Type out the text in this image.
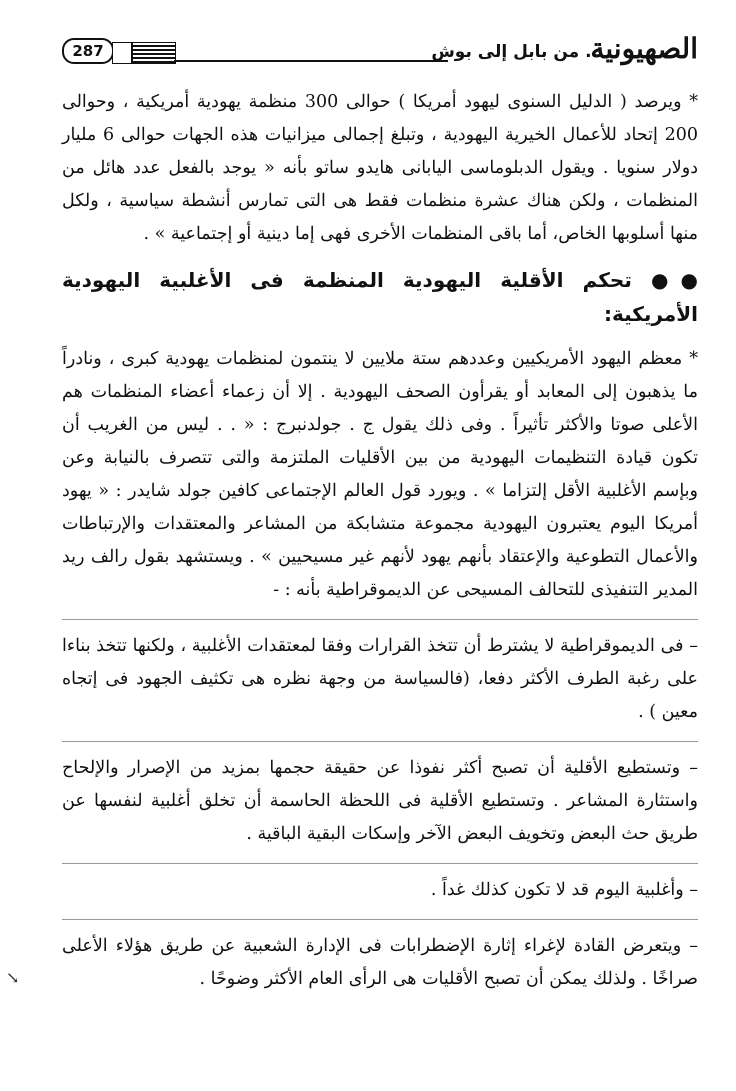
287	.. من بابل إلى بوش
الصهيونية

* ويرصد ( الدليل السنوى ليهود أمريكا ) حوالى 300 منظمة يهودية أمريكية ، وحوالى 200 إتحاد للأعمال الخيرية اليهودية ، وتبلغ إجمالى ميزانيات هذه الجهات حوالى 6 مليار دولار سنويا . ويقول الدبلوماسى اليابانى هايدو ساتو بأنه « يوجد بالفعل عدد هائل من المنظمات ، ولكن هناك عشرة منظمات فقط هى التى تمارس أنشطة سياسية ، ولكل منها أسلوبها الخاص، أما باقى المنظمات الأخرى فهى إما دينية أو إجتماعية » .

●● تحكم الأقلية اليهودية المنظمة فى الأغلبية اليهودية الأمريكية:

* معظم اليهود الأمريكيين وعددهم ستة ملايين لا ينتمون لمنظمات يهودية كبرى ، ونادراً ما يذهبون إلى المعابد أو يقرأون الصحف اليهودية . إلا أن زعماء أعضاء المنظمات هم الأعلى صوتا والأكثر تأثيراً . وفى ذلك يقول ج . جولدنبرج : « . . ليس من الغريب أن تكون قيادة التنظيمات اليهودية من بين الأقليات الملتزمة والتى تتصرف بالنيابة وعن وبإسم الأغلبية الأقل إلتزاما » . ويورد قول العالم الإجتماعى كافين جولد شايدر : « يهود أمريكا اليوم يعتبرون اليهودية مجموعة متشابكة من المشاعر والمعتقدات والإرتباطات والأعمال التطوعية والإعتقاد بأنهم يهود لأنهم غير مسيحيين » . ويستشهد بقول رالف ريد المدير التنفيذى للتحالف المسيحى عن الديموقراطية بأنه : -

– فى الديموقراطية لا يشترط أن تتخذ القرارات وفقا لمعتقدات الأغلبية ، ولكنها تتخذ بناءا على رغبة الطرف الأكثر دفعا، (فالسياسة من وجهة نظره هى تكثيف الجهود فى إتجاه معين ) .

– وتستطيع الأقلية أن تصبح أكثر نفوذا عن حقيقة حجمها بمزيد من الإصرار والإلحاح واستثارة المشاعر . وتستطيع الأقلية فى اللحظة الحاسمة أن تخلق أغلبية لنفسها عن طريق حث البعض وتخويف البعض الآخر وإسكات البقية الباقية .

– وأغلبية اليوم قد لا تكون كذلك غداً .

– ويتعرض القادة لإغراء إثارة الإضطرابات فى الإدارة الشعبية عن طريق هؤلاء الأعلى صراخًا . ولذلك يمكن أن تصبح الأقليات هى الرأى العام الأكثر وضوحًا .

↘
